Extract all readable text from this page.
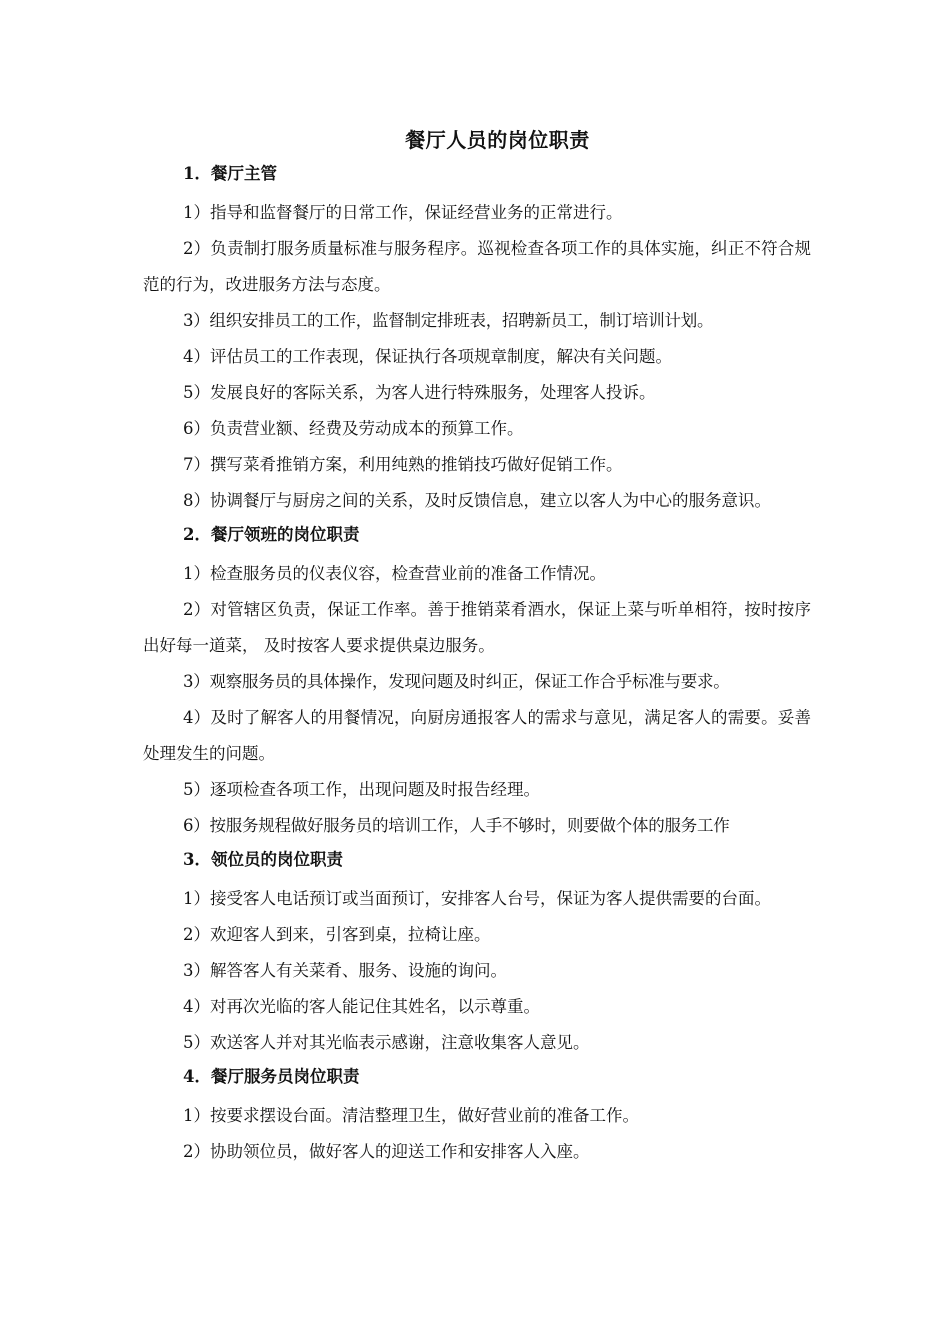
餐厅人员的岗位职责
1．餐厅主管

1）指导和监督餐厅的日常工作，保证经营业务的正常进行。

2）负责制打服务质量标准与服务程序。巡视检查各项工作的具体实施，纠正不符合规范的行为，改进服务方法与态度。

3）组织安排员工的工作，监督制定排班表，招聘新员工，制订培训计划。

4）评估员工的工作表现，保证执行各项规章制度，解决有关问题。

5）发展良好的客际关系，为客人进行特殊服务，处理客人投诉。

6）负责营业额、经费及劳动成本的预算工作。

7）撰写菜肴推销方案，利用纯熟的推销技巧做好促销工作。

8）协调餐厅与厨房之间的关系，及时反馈信息，建立以客人为中心的服务意识。

2．餐厅领班的岗位职责

1）检查服务员的仪表仪容，检查营业前的准备工作情况。

2）对管辖区负责，保证工作率。善于推销菜肴酒水，保证上菜与听单相符，按时按序出好每一道菜， 及时按客人要求提供桌边服务。

3）观察服务员的具体操作，发现问题及时纠正，保证工作合乎标准与要求。

4）及时了解客人的用餐情况，向厨房通报客人的需求与意见，满足客人的需要。妥善处理发生的问题。

5）逐项检查各项工作，出现问题及时报告经理。

6）按服务规程做好服务员的培训工作，人手不够时，则要做个体的服务工作

3．领位员的岗位职责

1）接受客人电话预订或当面预订，安排客人台号，保证为客人提供需要的台面。

2）欢迎客人到来，引客到桌，拉椅让座。

3）解答客人有关菜肴、服务、设施的询问。

4）对再次光临的客人能记住其姓名，以示尊重。

5）欢送客人并对其光临表示感谢，注意收集客人意见。

4．餐厅服务员岗位职责

1）按要求摆设台面。清洁整理卫生，做好营业前的准备工作。

2）协助领位员，做好客人的迎送工作和安排客人入座。
